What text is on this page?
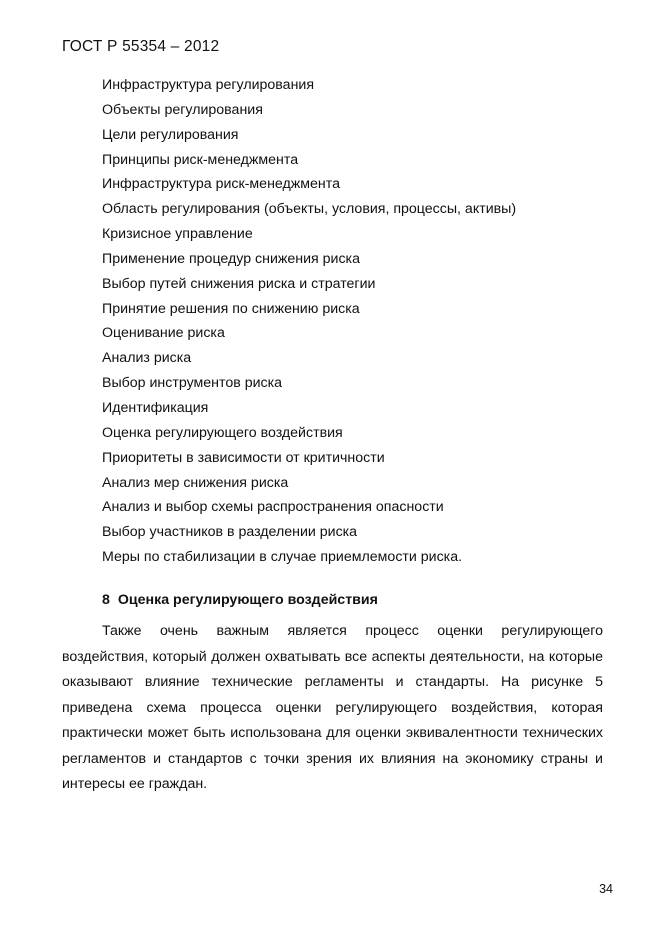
ГОСТ Р 55354 – 2012
Инфраструктура регулирования
Объекты регулирования
Цели регулирования
Принципы риск-менеджмента
Инфраструктура риск-менеджмента
Область регулирования (объекты, условия, процессы, активы)
Кризисное управление
Применение процедур снижения риска
Выбор путей снижения риска и стратегии
Принятие решения по снижению риска
Оценивание риска
Анализ риска
Выбор инструментов риска
Идентификация
Оценка регулирующего воздействия
Приоритеты в зависимости от критичности
Анализ мер снижения риска
Анализ и выбор схемы распространения опасности
Выбор участников в разделении риска
Меры по стабилизации в случае приемлемости риска.
8 Оценка регулирующего воздействия

Также очень важным является процесс оценки регулирующего воздействия, который должен охватывать все аспекты деятельности, на которые оказывают влияние технические регламенты и стандарты. На рисунке 5 приведена схема процесса оценки регулирующего воздействия, которая практически может быть использована для оценки эквивалентности технических регламентов и стандартов с точки зрения их влияния на экономику страны и интересы ее граждан.

34
